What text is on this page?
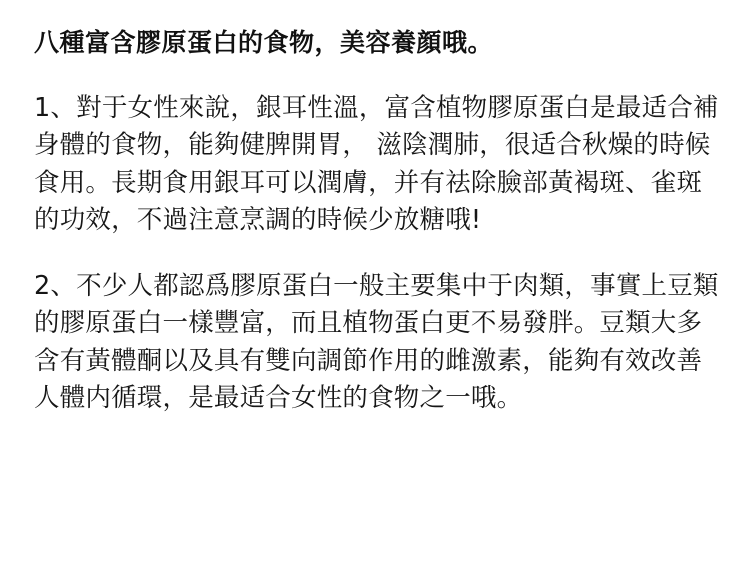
八種富含膠原蛋白的食物，美容養顔哦。

1、對于女性來說，銀耳性溫，富含植物膠原蛋白是最适合補身體的食物，能夠健脾開胃， 滋陰潤肺，很适合秋燥的時候食用。長期食用銀耳可以潤膚，并有祛除臉部黃褐斑、雀斑的功效，不過注意烹調的時候少放糖哦!

2、不少人都認爲膠原蛋白一般主要集中于肉類，事實上豆類的膠原蛋白一樣豐富，而且植物蛋白更不易發胖。豆類大多含有黃體酮以及具有雙向調節作用的雌激素，能夠有效改善人體内循環，是最适合女性的食物之一哦。
